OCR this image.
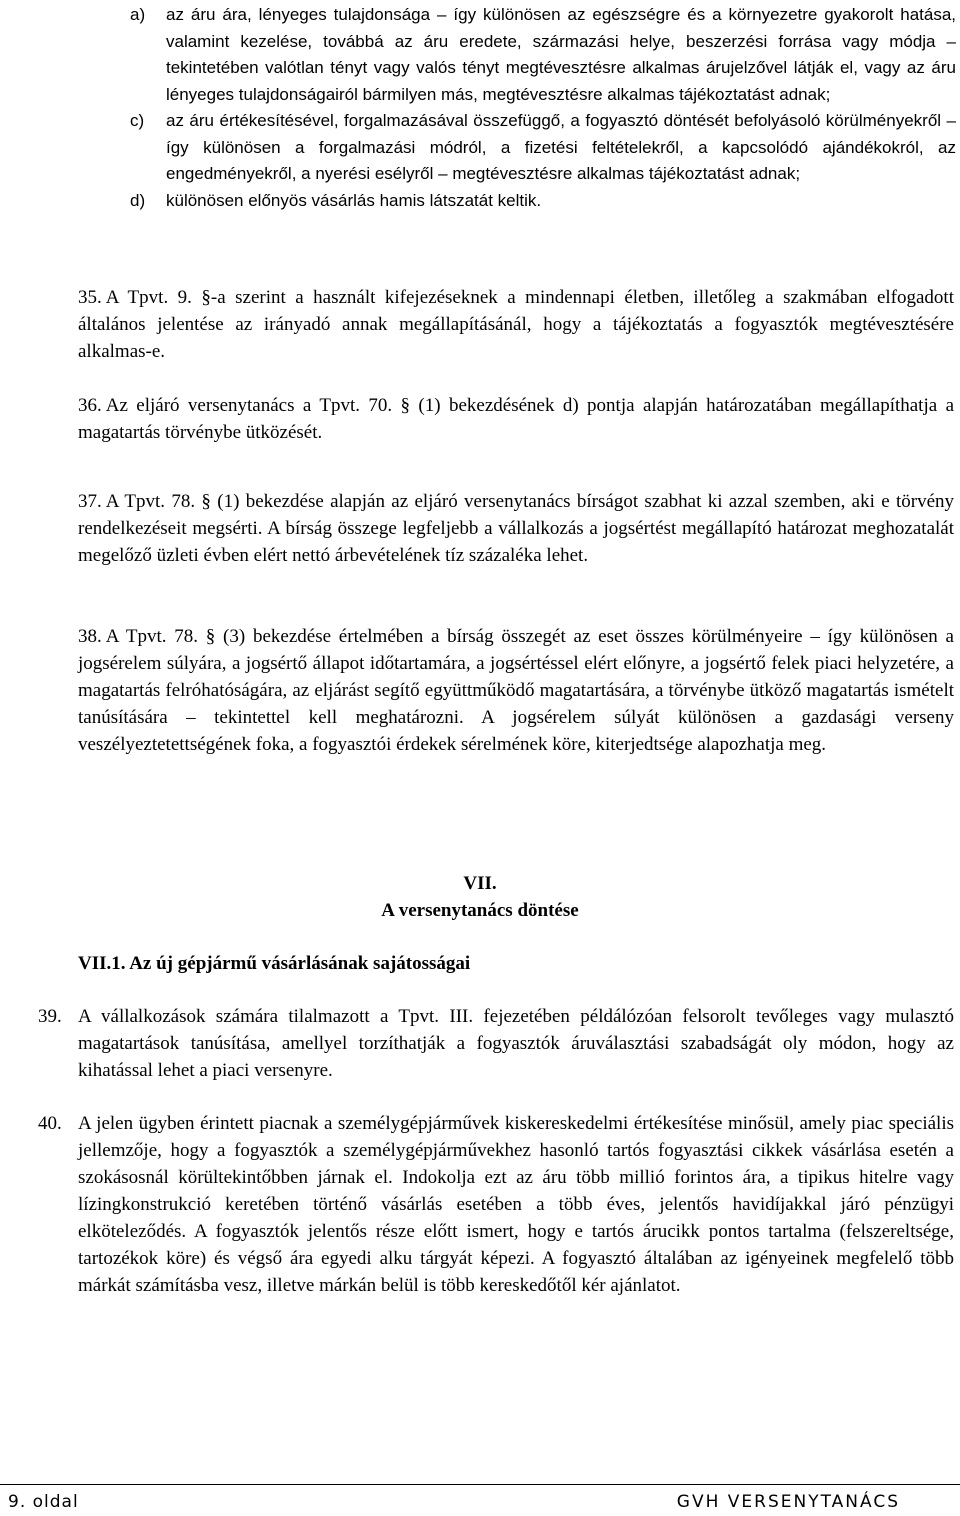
a) az áru ára, lényeges tulajdonsága – így különösen az egészségre és a környezetre gyakorolt hatása, valamint kezelése, továbbá az áru eredete, származási helye, beszerzési forrása vagy módja – tekintetében valótlan tényt vagy valós tényt megtévesztésre alkalmas árujelzővel látják el, vagy az áru lényeges tulajdonságairól bármilyen más, megtévesztésre alkalmas tájékoztatást adnak;
c) az áru értékesítésével, forgalmazásával összefüggő, a fogyasztó döntését befolyásoló körülményekről – így különösen a forgalmazási módról, a fizetési feltételekről, a kapcsolódó ajándékokról, az engedményekről, a nyerési esélyről – megtévesztésre alkalmas tájékoztatást adnak;
d) különösen előnyös vásárlás hamis látszatát keltik.
35. A Tpvt. 9. §-a szerint a használt kifejezéseknek a mindennapi életben, illetőleg a szakmában elfogadott általános jelentése az irányadó annak megállapításánál, hogy a tájékoztatás a fogyasztók megtévesztésére alkalmas-e.
36. Az eljáró versenytanács a Tpvt. 70. § (1) bekezdésének d) pontja alapján határozatában megállapíthatja a magatartás törvénybe ütközését.
37. A Tpvt. 78. § (1) bekezdése alapján az eljáró versenytanács bírságot szabhat ki azzal szemben, aki e törvény rendelkezéseit megsérti. A bírság összege legfeljebb a vállalkozás a jogsértést megállapító határozat meghozatalát megelőző üzleti évben elért nettó árbevételének tíz százaléka lehet.
38. A Tpvt. 78. § (3) bekezdése értelmében a bírság összegét az eset összes körülményeire – így különösen a jogsérelem súlyára, a jogsértő állapot időtartamára, a jogsértéssel elért előnyre, a jogsértő felek piaci helyzetére, a magatartás felróhatóságára, az eljárást segítő együttműködő magatartására, a törvénybe ütköző magatartás ismételt tanúsítására – tekintettel kell meghatározni. A jogsérelem súlyát különösen a gazdasági verseny veszélyeztetettségének foka, a fogyasztói érdekek sérelmének köre, kiterjedtsége alapozhatja meg.
VII.
A versenytanács döntése
VII.1. Az új gépjármű vásárlásának sajátosságai
39. A vállalkozások számára tilalmazott a Tpvt. III. fejezetében példálózóan felsorolt tevőleges vagy mulasztó magatartások tanúsítása, amellyel torzíthatják a fogyasztók áruválasztási szabadságát oly módon, hogy az kihatással lehet a piaci versenyre.
40. A jelen ügyben érintett piacnak a személygépjárművek kiskereskedelmi értékesítése minősül, amely piac speciális jellemzője, hogy a fogyasztók a személygépjárművekhez hasonló tartós fogyasztási cikkek vásárlása esetén a szokásosnál körültekintőbben járnak el. Indokolja ezt az áru több millió forintos ára, a tipikus hitelre vagy lízingkonstrukció keretében történő vásárlás esetében a több éves, jelentős havidíjakkal járó pénzügyi elköteleződés. A fogyasztók jelentős része előtt ismert, hogy e tartós árucikk pontos tartalma (felszereltsége, tartozékok köre) és végső ára egyedi alku tárgyát képezi. A fogyasztó általában az igényeinek megfelelő több márkát számításba vesz, illetve márkán belül is több kereskedőtől kér ajánlatot.
9. oldal	GVH VERSENYTANÁCS
